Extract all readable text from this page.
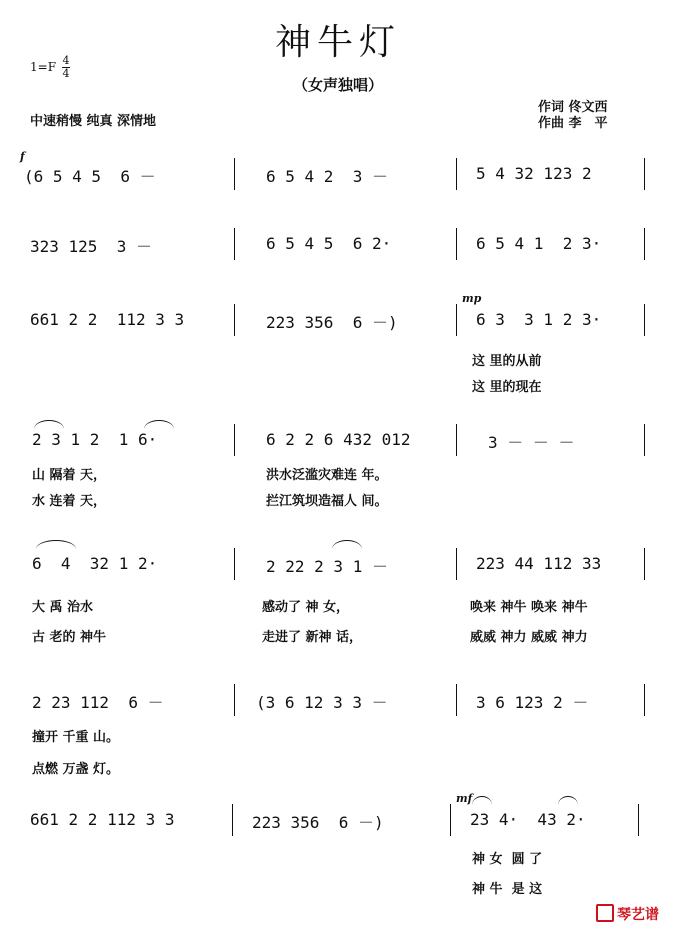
神牛灯
（女声独唱）
1=F 4
4
中速稍慢 纯真 深情地
作词 佟文西
作曲 李　平
f
(6 5 4 5  6 －	6 5 4 2  3 －	5 4 32 123 2
323 125  3 －	6 5 4 5  6 2·	6 5 4 1  2 3·
661 2 2  112 3 3	223 356  6 －)
mp
6 3  3 1 2 3·
这 里的从前
这 里的现在
2 3 1 2  1 6·	6 2 2 6 432 012	3 － － －
山 隔着 天，	洪水泛滥灾难连 年。
水 连着 天，	拦江筑坝造福人 间。
6  4  32 1 2·	2 22 2 3 1 －	223 44 112 33
大 禹 治水	感动了 神 女，	唤来 神牛 唤来 神牛
古 老的 神牛	走进了 新神 话，	威威 神力 威威 神力
2 23 112  6 －	(3 6 12 3 3 －	3 6 123 2 －
撞开 千重 山。
点燃 万盏 灯。
661 2 2 112 3 3	223 356  6 －)
mf
23 4·  43 2·
神 女  圆 了
神 牛  是 这
琴艺谱
